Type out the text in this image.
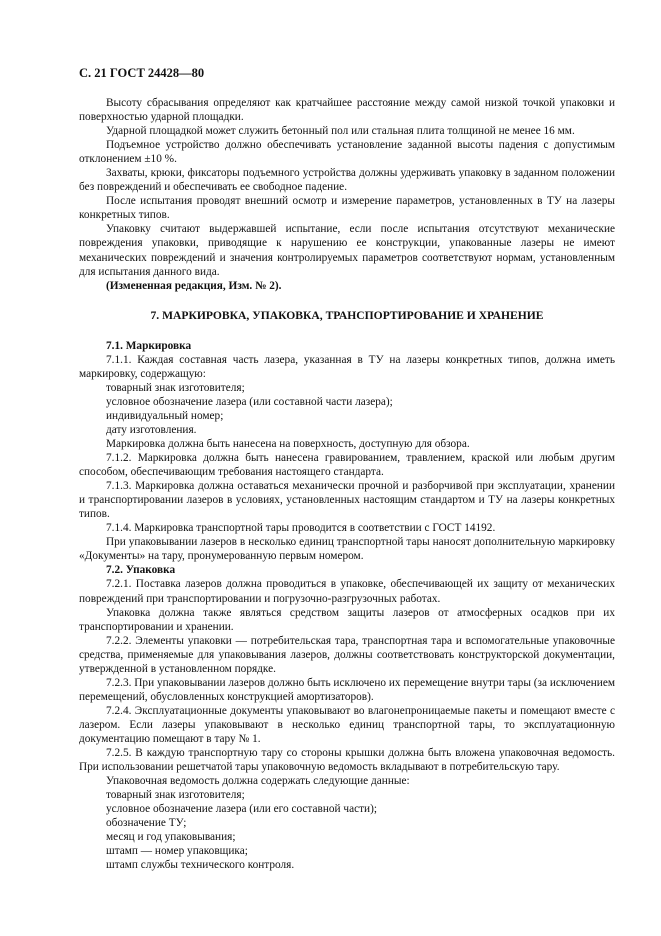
С. 21 ГОСТ 24428—80

Высоту сбрасывания определяют как кратчайшее расстояние между самой низкой точкой упаковки и поверхностью ударной площадки.

Ударной площадкой может служить бетонный пол или стальная плита толщиной не менее 16 мм.

Подъемное устройство должно обеспечивать установление заданной высоты падения с допустимым отклонением ±10 %.

Захваты, крюки, фиксаторы подъемного устройства должны удерживать упаковку в заданном положении без повреждений и обеспечивать ее свободное падение.

После испытания проводят внешний осмотр и измерение параметров, установленных в ТУ на лазеры конкретных типов.

Упаковку считают выдержавшей испытание, если после испытания отсутствуют механические повреждения упаковки, приводящие к нарушению ее конструкции, упакованные лазеры не имеют механических повреждений и значения контролируемых параметров соответствуют нормам, установленным для испытания данного вида.

(Измененная редакция, Изм. № 2).

7. МАРКИРОВКА, УПАКОВКА, ТРАНСПОРТИРОВАНИЕ И ХРАНЕНИЕ

7.1. Маркировка

7.1.1. Каждая составная часть лазера, указанная в ТУ на лазеры конкретных типов, должна иметь маркировку, содержащую:

товарный знак изготовителя;

условное обозначение лазера (или составной части лазера);

индивидуальный номер;

дату изготовления.

Маркировка должна быть нанесена на поверхность, доступную для обзора.

7.1.2. Маркировка должна быть нанесена гравированием, травлением, краской или любым другим способом, обеспечивающим требования настоящего стандарта.

7.1.3. Маркировка должна оставаться механически прочной и разборчивой при эксплуатации, хранении и транспортировании лазеров в условиях, установленных настоящим стандартом и ТУ на лазеры конкретных типов.

7.1.4. Маркировка транспортной тары проводится в соответствии с ГОСТ 14192.

При упаковывании лазеров в несколько единиц транспортной тары наносят дополнительную маркировку «Документы» на тару, пронумерованную первым номером.

7.2. Упаковка

7.2.1. Поставка лазеров должна проводиться в упаковке, обеспечивающей их защиту от механических повреждений при транспортировании и погрузочно-разгрузочных работах.

Упаковка должна также являться средством защиты лазеров от атмосферных осадков при их транспортировании и хранении.

7.2.2. Элементы упаковки — потребительская тара, транспортная тара и вспомогательные упаковочные средства, применяемые для упаковывания лазеров, должны соответствовать конструкторской документации, утвержденной в установленном порядке.

7.2.3. При упаковывании лазеров должно быть исключено их перемещение внутри тары (за исключением перемещений, обусловленных конструкцией амортизаторов).

7.2.4. Эксплуатационные документы упаковывают во влагонепроницаемые пакеты и помещают вместе с лазером. Если лазеры упаковывают в несколько единиц транспортной тары, то эксплуатационную документацию помещают в тару № 1.

7.2.5. В каждую транспортную тару со стороны крышки должна быть вложена упаковочная ведомость. При использовании решетчатой тары упаковочную ведомость вкладывают в потребительскую тару.

Упаковочная ведомость должна содержать следующие данные:

товарный знак изготовителя;

условное обозначение лазера (или его составной части);

обозначение ТУ;

месяц и год упаковывания;

штамп — номер упаковщика;

штамп службы технического контроля.
